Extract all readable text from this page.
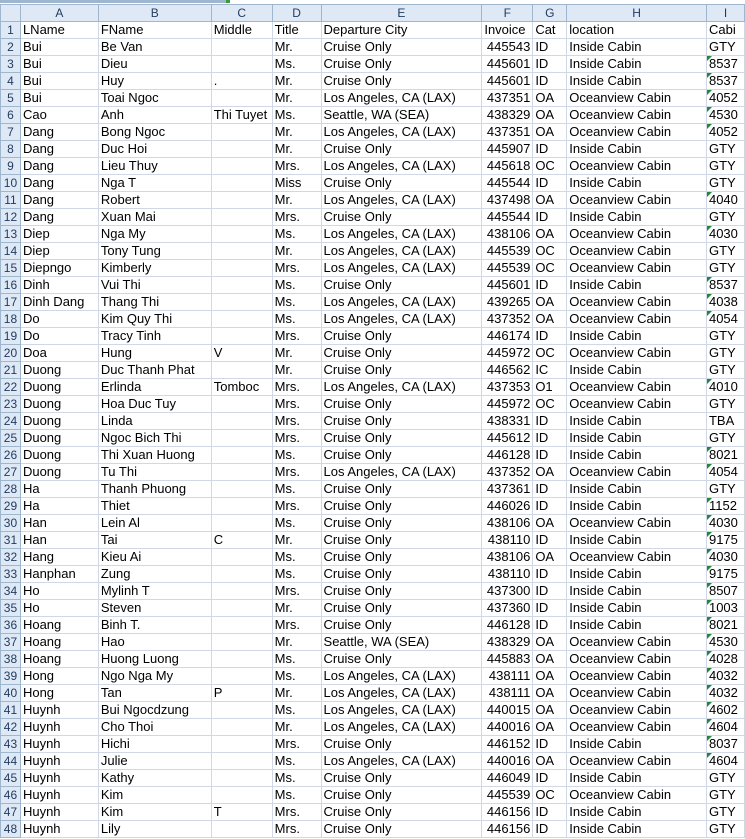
	A	B	C	D	E	F	G	H	I
1	LName	FName	Middle	Title	Departure City	Invoice	Cat	location	Cabi
2	Bui	Be Van		Mr.	Cruise Only	445543	ID	Inside Cabin	GTY
3	Bui	Dieu		Ms.	Cruise Only	445601	ID	Inside Cabin	8537
4	Bui	Huy	.	Mr.	Cruise Only	445601	ID	Inside Cabin	8537
5	Bui	Toai Ngoc		Mr.	Los Angeles, CA (LAX)	437351	OA	Oceanview Cabin	4052
6	Cao	Anh	Thi Tuyet	Ms.	Seattle, WA (SEA)	438329	OA	Oceanview Cabin	4530
7	Dang	Bong Ngoc		Mr.	Los Angeles, CA (LAX)	437351	OA	Oceanview Cabin	4052
8	Dang	Duc Hoi		Mr.	Cruise Only	445907	ID	Inside Cabin	GTY
9	Dang	Lieu Thuy		Mrs.	Los Angeles, CA (LAX)	445618	OC	Oceanview Cabin	GTY
10	Dang	Nga T		Miss	Cruise Only	445544	ID	Inside Cabin	GTY
11	Dang	Robert		Mr.	Los Angeles, CA (LAX)	437498	OA	Oceanview Cabin	4040
12	Dang	Xuan Mai		Mrs.	Cruise Only	445544	ID	Inside Cabin	GTY
13	Diep	Nga My		Ms.	Los Angeles, CA (LAX)	438106	OA	Oceanview Cabin	4030
14	Diep	Tony Tung		Mr.	Los Angeles, CA (LAX)	445539	OC	Oceanview Cabin	GTY
15	Diepngo	Kimberly		Mrs.	Los Angeles, CA (LAX)	445539	OC	Oceanview Cabin	GTY
16	Dinh	Vui Thi		Ms.	Cruise Only	445601	ID	Inside Cabin	8537
17	Dinh Dang	Thang Thi		Ms.	Los Angeles, CA (LAX)	439265	OA	Oceanview Cabin	4038
18	Do	Kim Quy Thi		Ms.	Los Angeles, CA (LAX)	437352	OA	Oceanview Cabin	4054
19	Do	Tracy Tinh		Mrs.	Cruise Only	446174	ID	Inside Cabin	GTY
20	Doa	Hung	V	Mr.	Cruise Only	445972	OC	Oceanview Cabin	GTY
21	Duong	Duc Thanh Phat		Mr.	Cruise Only	446562	IC	Inside Cabin	GTY
22	Duong	Erlinda	Tomboc	Mrs.	Los Angeles, CA (LAX)	437353	O1	Oceanview Cabin	4010
23	Duong	Hoa Duc Tuy		Mrs.	Cruise Only	445972	OC	Oceanview Cabin	GTY
24	Duong	Linda		Mrs.	Cruise Only	438331	ID	Inside Cabin	TBA
25	Duong	Ngoc Bich Thi		Mrs.	Cruise Only	445612	ID	Inside Cabin	GTY
26	Duong	Thi Xuan Huong		Ms.	Cruise Only	446128	ID	Inside Cabin	8021
27	Duong	Tu Thi		Mrs.	Los Angeles, CA (LAX)	437352	OA	Oceanview Cabin	4054
28	Ha	Thanh Phuong		Ms.	Cruise Only	437361	ID	Inside Cabin	GTY
29	Ha	Thiet		Mrs.	Cruise Only	446026	ID	Inside Cabin	1152
30	Han	Lein Al		Ms.	Cruise Only	438106	OA	Oceanview Cabin	4030
31	Han	Tai	C	Mr.	Cruise Only	438110	ID	Inside Cabin	9175
32	Hang	Kieu Ai		Ms.	Cruise Only	438106	OA	Oceanview Cabin	4030
33	Hanphan	Zung		Ms.	Cruise Only	438110	ID	Inside Cabin	9175
34	Ho	Mylinh T		Mrs.	Cruise Only	437300	ID	Inside Cabin	8507
35	Ho	Steven		Mr.	Cruise Only	437360	ID	Inside Cabin	1003
36	Hoang	Binh T.		Mrs.	Cruise Only	446128	ID	Inside Cabin	8021
37	Hoang	Hao		Mr.	Seattle, WA (SEA)	438329	OA	Oceanview Cabin	4530
38	Hoang	Huong Luong		Ms.	Cruise Only	445883	OA	Oceanview Cabin	4028
39	Hong	Ngo Nga My		Ms.	Los Angeles, CA (LAX)	438111	OA	Oceanview Cabin	4032
40	Hong	Tan	P	Mr.	Los Angeles, CA (LAX)	438111	OA	Oceanview Cabin	4032
41	Huynh	Bui Ngocdzung		Ms.	Los Angeles, CA (LAX)	440015	OA	Oceanview Cabin	4602
42	Huynh	Cho Thoi		Mr.	Los Angeles, CA (LAX)	440016	OA	Oceanview Cabin	4604
43	Huynh	Hichi		Mrs.	Cruise Only	446152	ID	Inside Cabin	8037
44	Huynh	Julie		Ms.	Los Angeles, CA (LAX)	440016	OA	Oceanview Cabin	4604
45	Huynh	Kathy		Ms.	Cruise Only	446049	ID	Inside Cabin	GTY
46	Huynh	Kim		Ms.	Cruise Only	445539	OC	Oceanview Cabin	GTY
47	Huynh	Kim	T	Mrs.	Cruise Only	446156	ID	Inside Cabin	GTY
48	Huynh	Lily		Mrs.	Cruise Only	446156	ID	Inside Cabin	GTY
